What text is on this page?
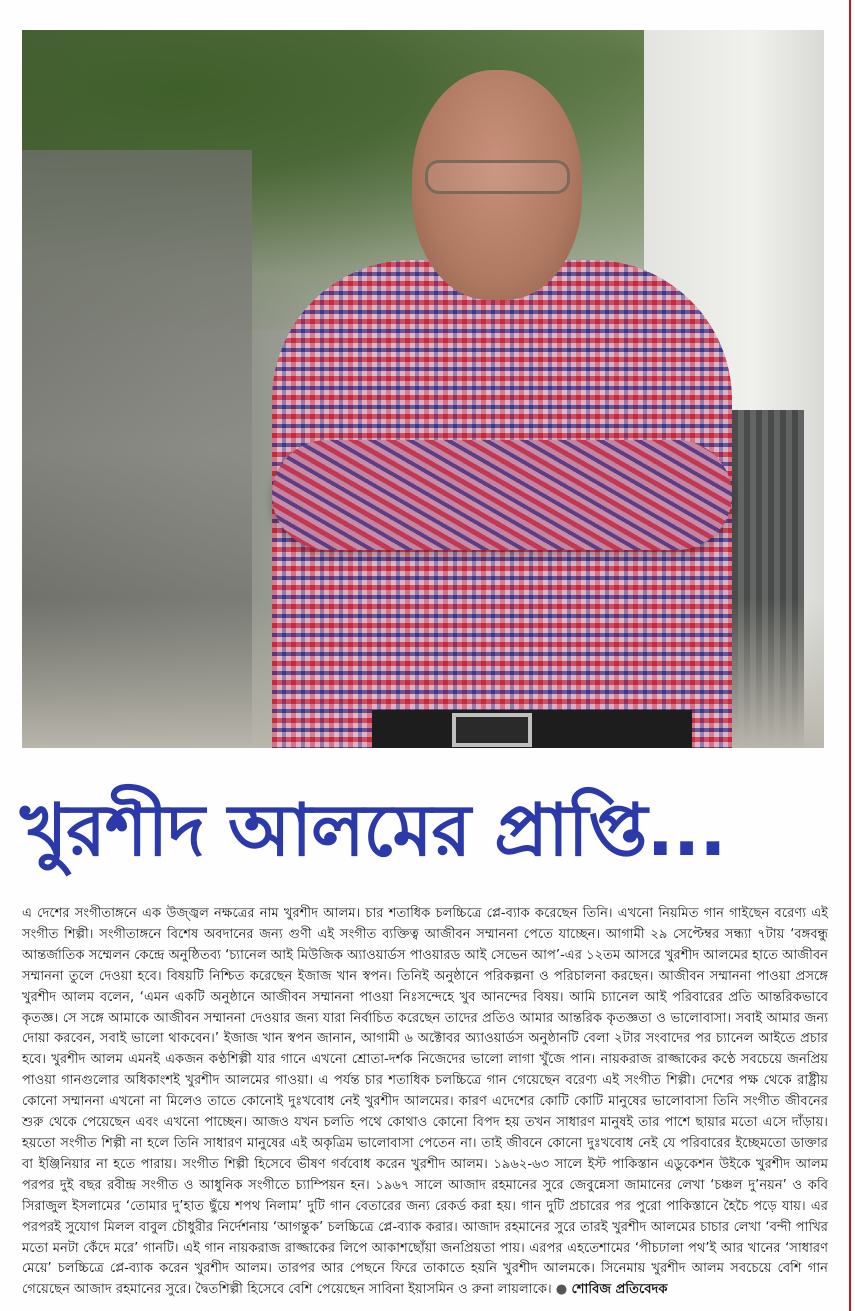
খুরশীদ আলমের প্রাপ্তি...

এ দেশের সংগীতাঙ্গনে এক উজ্জ্বল নক্ষত্রের নাম খুরশীদ আলম। চার শতাধিক চলচ্চিত্রে প্লে-ব্যাক করেছেন তিনি। এখনো নিয়মিত গান গাইছেন বরেণ্য এই সংগীত শিল্পী। সংগীতাঙ্গনে বিশেষ অবদানের জন্য গুণী এই সংগীত ব্যক্তিত্ব আজীবন সম্মাননা পেতে যাচ্ছেন। আগামী ২৯ সেপ্টেম্বর সন্ধ্যা ৭টায় ‘বঙ্গবন্ধু আন্তর্জাতিক সম্মেলন কেন্দ্রে অনুষ্ঠিতব্য ‘চ্যানেল আই মিউজিক অ্যাওয়ার্ডস পাওয়ারড আই সেভেন আপ’-এর ১২তম আসরে খুরশীদ আলমের হাতে আজীবন সম্মাননা তুলে দেওয়া হবে। বিষয়টি নিশ্চিত করেছেন ইজাজ খান স্বপন। তিনিই অনুষ্ঠানে পরিকল্পনা ও পরিচালনা করছেন। আজীবন সম্মাননা পাওয়া প্রসঙ্গে খুরশীদ আলম বলেন, ‘এমন একটি অনুষ্ঠানে আজীবন সম্মাননা পাওয়া নিঃসন্দেহে খুব আনন্দের বিষয়। আমি চ্যানেল আই পরিবারের প্রতি আন্তরিকভাবে কৃতজ্ঞ। সে সঙ্গে আমাকে আজীবন সম্মাননা দেওয়ার জন্য যারা নির্বাচিত করেছেন তাদের প্রতিও আমার আন্তরিক কৃতজ্ঞতা ও ভালোবাসা। সবাই আমার জন্য দোয়া করবেন, সবাই ভালো থাকবেন।’ ইজাজ খান স্বপন জানান, আগামী ৬ অক্টোবর অ্যাওয়ার্ডস অনুষ্ঠানটি বেলা ২টার সংবাদের পর চ্যানেল আইতে প্রচার হবে। খুরশীদ আলম এমনই একজন কণ্ঠশিল্পী যার গানে এখনো শ্রোতা-দর্শক নিজেদের ভালো লাগা খুঁজে পান। নায়করাজ রাজ্জাকের কণ্ঠে সবচেয়ে জনপ্রিয় পাওয়া গানগুলোর অধিকাংশই খুরশীদ আলমের গাওয়া। এ পর্যন্ত চার শতাধিক চলচ্চিত্রে গান গেয়েছেন বরেণ্য এই সংগীত শিল্পী। দেশের পক্ষ থেকে রাষ্ট্রীয় কোনো সম্মাননা এখনো না মিলেও তাতে কোনোই দুঃখবোধ নেই খুরশীদ আলমের। কারণ এদেশের কোটি কোটি মানুষের ভালোবাসা তিনি সংগীত জীবনের শুরু থেকে পেয়েছেন এবং এখনো পাচ্ছেন। আজও যখন চলতি পথে কোথাও কোনো বিপদ হয় তখন সাধারণ মানুষই তার পাশে ছায়ার মতো এসে দাঁড়ায়। হয়তো সংগীত শিল্পী না হলে তিনি সাধারণ মানুষের এই অকৃত্রিম ভালোবাসা পেতেন না। তাই জীবনে কোনো দুঃখবোধ নেই যে পরিবারের ইচ্ছেমতো ডাক্তার বা ইঞ্জিনিয়ার না হতে পারায়। সংগীত শিল্পী হিসেবে ভীষণ গর্ববোধ করেন খুরশীদ আলম। ১৯৬২-৬৩ সালে ইস্ট পাকিস্তান এডুকেশন উইকে খুরশীদ আলম পরপর দুই বছর রবীন্দ্র সংগীত ও আধুনিক সংগীতে চ্যাম্পিয়ন হন। ১৯৬৭ সালে আজাদ রহমানের সুরে জেবুন্নেসা জামানের লেখা ‘চঞ্চল দু’নয়ন’ ও কবি সিরাজুল ইসলামের ‘তোমার দু’হাত ছুঁয়ে শপথ নিলাম’ দুটি গান বেতারের জন্য রেকর্ড করা হয়। গান দুটি প্রচারের পর পুরো পাকিস্তানে হৈচৈ পড়ে যায়। এর পরপরই সুযোগ মিলল বাবুল চৌধুরীর নির্দেশনায় ‘আগন্তুক’ চলচ্চিত্রে প্লে-ব্যাক করার। আজাদ রহমানের সুরে তারই খুরশীদ আলমের চাচার লেখা ‘বন্দী পাখির মতো মনটা কেঁদে মরে’ গানটি। এই গান নায়করাজ রাজ্জাকের লিপে আকাশছোঁয়া জনপ্রিয়তা পায়। এরপর এহতেশামের ‘পীচঢালা পথ’ই আর খানের ‘সাধারণ মেয়ে’ চলচ্চিত্রে প্লে-ব্যাক করেন খুরশীদ আলম। তারপর আর পেছনে ফিরে তাকাতে হয়নি খুরশীদ আলমকে। সিনেমায় খুরশীদ আলম সবচেয়ে বেশি গান গেয়েছেন আজাদ রহমানের সুরে। দ্বৈতশিল্পী হিসেবে বেশি পেয়েছেন সাবিনা ইয়াসমিন ও রুনা লায়লাকে। ● শোবিজ প্রতিবেদক
